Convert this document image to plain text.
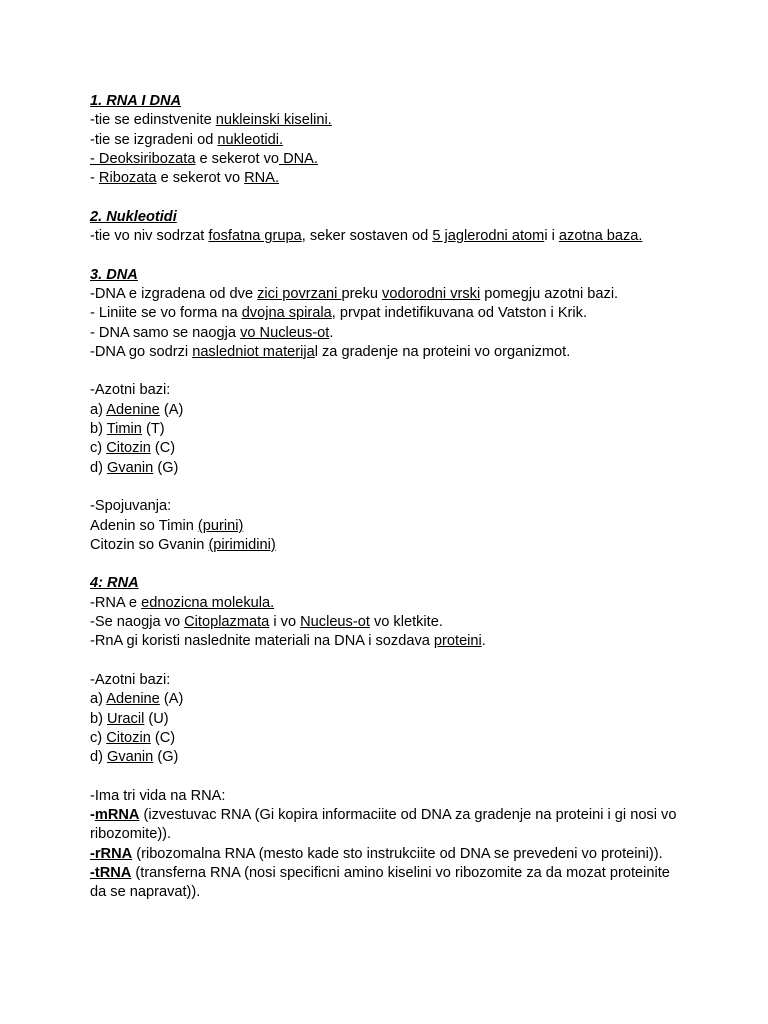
1. RNA I DNA
-tie se edinstvenite nukleinski kiselini.
-tie se izgradeni od nukleotidi.
- Deoksiribozata e sekerot vo DNA.
- Ribozata e sekerot vo RNA.
2. Nukleotidi
-tie vo niv sodrzat fosfatna grupa, seker sostaven od 5 jaglerodni atomi i azotna baza.
3. DNA
-DNA e izgradena od dve zici povrzani preku vodorodni vrski pomegju azotni bazi.
- Liniite se vo forma na dvojna spirala, prvpat indetifikuvana od Vatston i Krik.
- DNA samo se naogja vo Nucleus-ot.
-DNA go sodrzi nasledniot materijal za gradenje na proteini vo organizmot.
-Azotni bazi:
a) Adenine (A)
b) Timin (T)
c) Citozin (C)
d) Gvanin (G)
-Spojuvanja:
Adenin so Timin (purini)
Citozin so Gvanin (pirimidini)
4: RNA
-RNA e ednozicna molekula.
-Se naogja vo Citoplazmata i vo Nucleus-ot vo kletkite.
-RnA gi koristi naslednite materiali na DNA i sozdava proteini.
-Azotni bazi:
a) Adenine (A)
b) Uracil (U)
c) Citozin (C)
d) Gvanin (G)
-Ima tri vida na RNA:
-mRNA (izvestuvac RNA (Gi kopira informaciite od DNA za gradenje na proteini i gi nosi vo ribozomite)).
-rRNA (ribozomalna RNA (mesto kade sto instrukciite od DNA se prevedeni vo proteini)).
-tRNA (transferna RNA (nosi specificni amino kiselini vo ribozomite za da mozat proteinite da se napravat)).
